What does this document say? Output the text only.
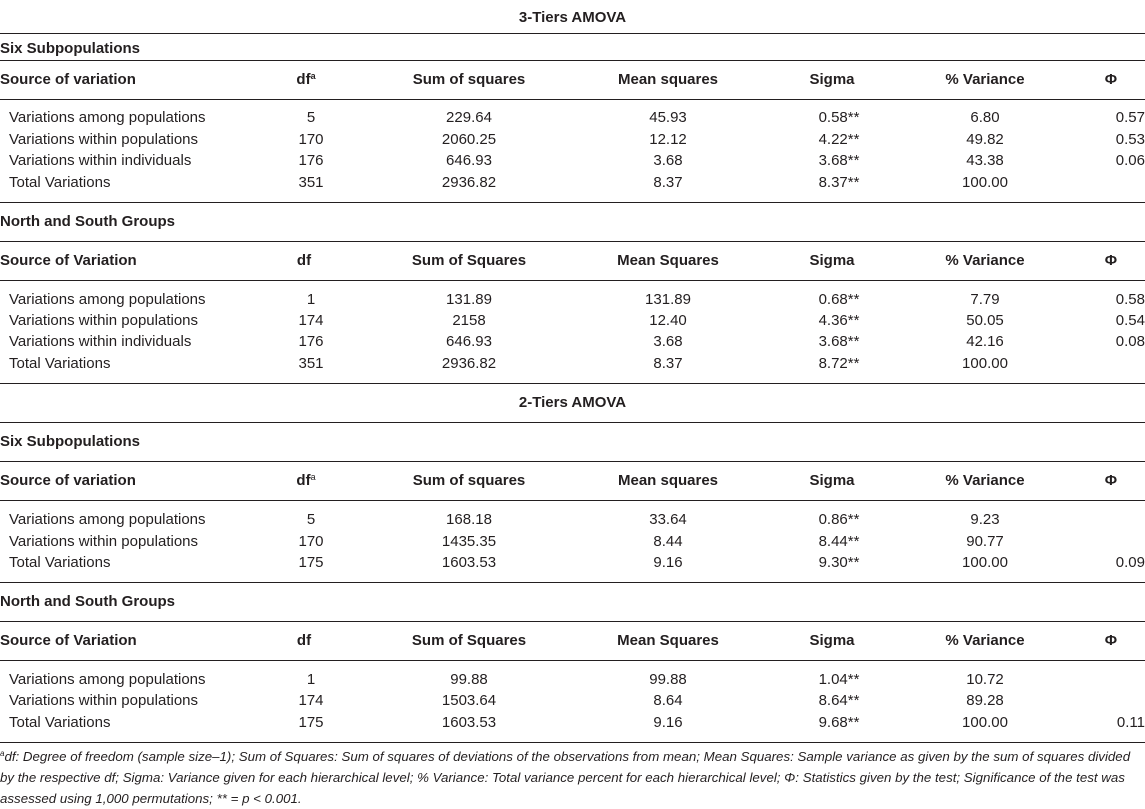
3-Tiers AMOVA
Six Subpopulations
Source of variation	$df^a$	Sum of squares	Mean squares	Sigma	% Variance	Φ
Variations among populations	5	229.64	45.93	0.58**	6.80	0.57
Variations within populations	170	2060.25	12.12	4.22**	49.82	0.53
Variations within individuals	176	646.93	3.68	3.68**	43.38	0.06
Total Variations	351	2936.82	8.37	8.37**	100.00
North and South Groups
Source of Variation	df	Sum of Squares	Mean Squares	Sigma	% Variance	Φ
Variations among populations	1	131.89	131.89	0.68**	7.79	0.58
Variations within populations	174	2158	12.40	4.36**	50.05	0.54
Variations within individuals	176	646.93	3.68	3.68**	42.16	0.08
Total Variations	351	2936.82	8.37	8.72**	100.00
2-Tiers AMOVA
Six Subpopulations
Source of variation	$df^a$	Sum of squares	Mean squares	Sigma	% Variance	Φ
Variations among populations	5	168.18	33.64	0.86**	9.23
Variations within populations	170	1435.35	8.44	8.44**	90.77
Total Variations	175	1603.53	9.16	9.30**	100.00	0.09
North and South Groups
Source of Variation	df	Sum of Squares	Mean Squares	Sigma	% Variance	Φ
Variations among populations	1	99.88	99.88	1.04**	10.72
Variations within populations	174	1503.64	8.64	8.64**	89.28
Total Variations	175	1603.53	9.16	9.68**	100.00	0.11
$^a$df: Degree of freedom (sample size–1); Sum of Squares: Sum of squares of deviations of the observations from mean; Mean Squares: Sample variance as given by the sum of squares divided by the respective df; Sigma: Variance given for each hierarchical level; % Variance: Total variance percent for each hierarchical level; Φ: Statistics given by the test; Significance of the test was assessed using 1,000 permutations; ** = p < 0.001.
